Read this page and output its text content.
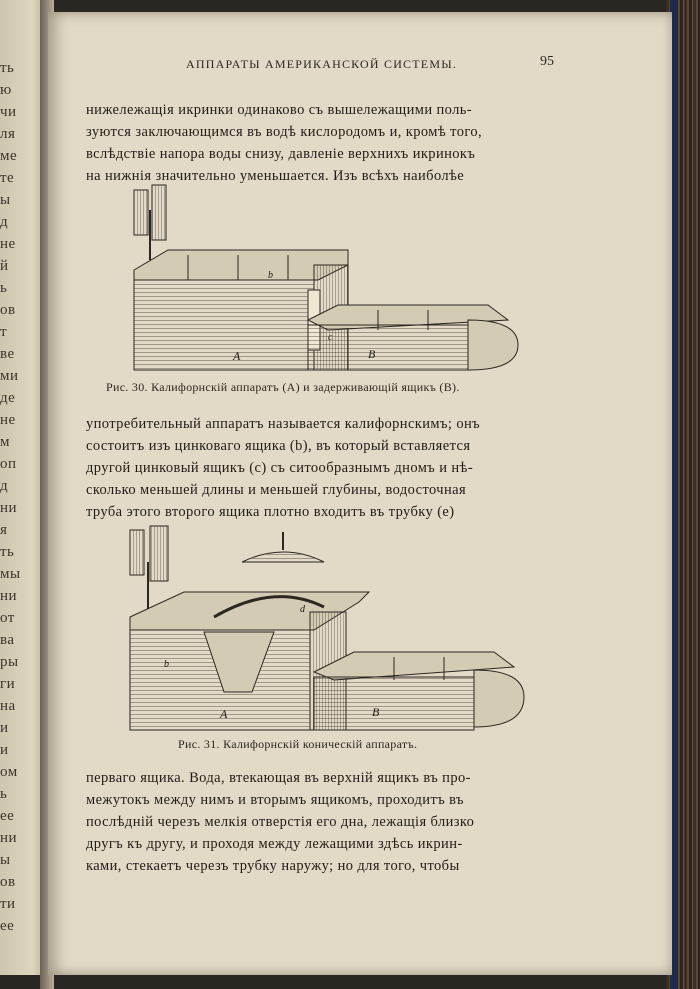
ть
ю
чи
ля
ме
те
ы
д
не
й
ь
ов
т
ве
ми
де
не
м
оп
д
ни
я
ть
мы
ни
от
ва
ры
ги
на
и
и
ом
ь
ее
ни
ы
ов
ти
ее
АППАРАТЫ АМЕРИКАНСКОЙ СИСТЕМЫ.	95
нижележащія икринки одинаково съ вышележащими поль-
зуются заключающимся въ водѣ кислородомъ и, кромѣ того,
вслѣдствіе напора воды снизу, давленіе верхнихъ икринокъ
на нижнія значительно уменьшается. Изъ всѣхъ наиболѣе
A	B
b
c
Рис. 30. Калифорнскій аппаратъ (A) и задерживающій ящикъ (B).
употребительный аппаратъ называется калифорнскимъ; онъ
состоитъ изъ цинковаго ящика (b), въ который вставляется
другой цинковый ящикъ (c) съ ситообразнымъ дномъ и нѣ-
сколько меньшей длины и меньшей глубины, водосточная
труба этого второго ящика плотно входитъ въ трубку (e)
A	B
b
d
Рис. 31. Калифорнскій коническій аппаратъ.
перваго ящика. Вода, втекающая въ верхній ящикъ въ про-
межутокъ между нимъ и вторымъ ящикомъ, проходитъ въ
послѣдній черезъ мелкія отверстія его дна, лежащія близко
другъ къ другу, и проходя между лежащими здѣсь икрин-
ками, стекаетъ черезъ трубку наружу; но для того, чтобы
